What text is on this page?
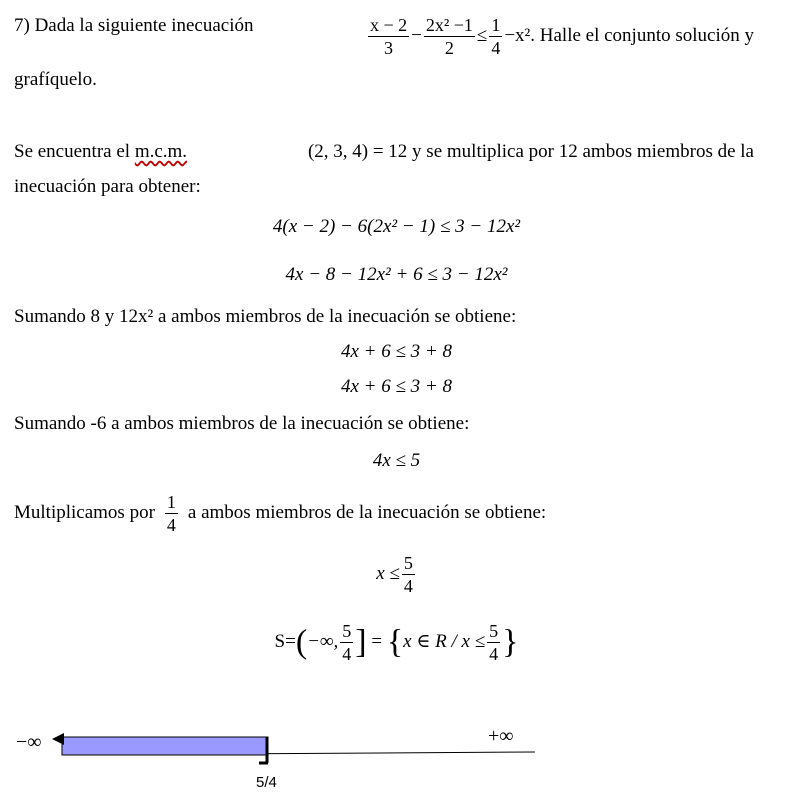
7) Dada la siguiente inecuación	$\frac{x - 2}{3} - \frac{\text{2x² −1}}{2} \le \frac{1}{4} -x^2$. Halle el conjunto solución y
grafíquelo.
Se encuentra el m.c.m.	(2, 3, 4) = 12 y se multiplica por 12 ambos miembros de la
inecuación para obtener:
4(x − 2) − 6(2x² − 1) ≤ 3 − 12x²
4x − 8 − 12x² + 6 ≤ 3 − 12x²
Sumando 8 y 12x² a ambos miembros de la inecuación se obtiene:
4x + 6 ≤ 3 + 8
4x + 6 ≤ 3 + 8
Sumando -6 a ambos miembros de la inecuación se obtiene:
4x ≤ 5
Multiplicamos por $\frac{1}{4}$ a ambos miembros de la inecuación se obtiene:
$x \le \frac{5}{4}$
S=(−∞, $\frac{5}{4}$ ] = {x ∈ $R / x \le \frac{5}{4}$ }
−∞	+∞
5/4
